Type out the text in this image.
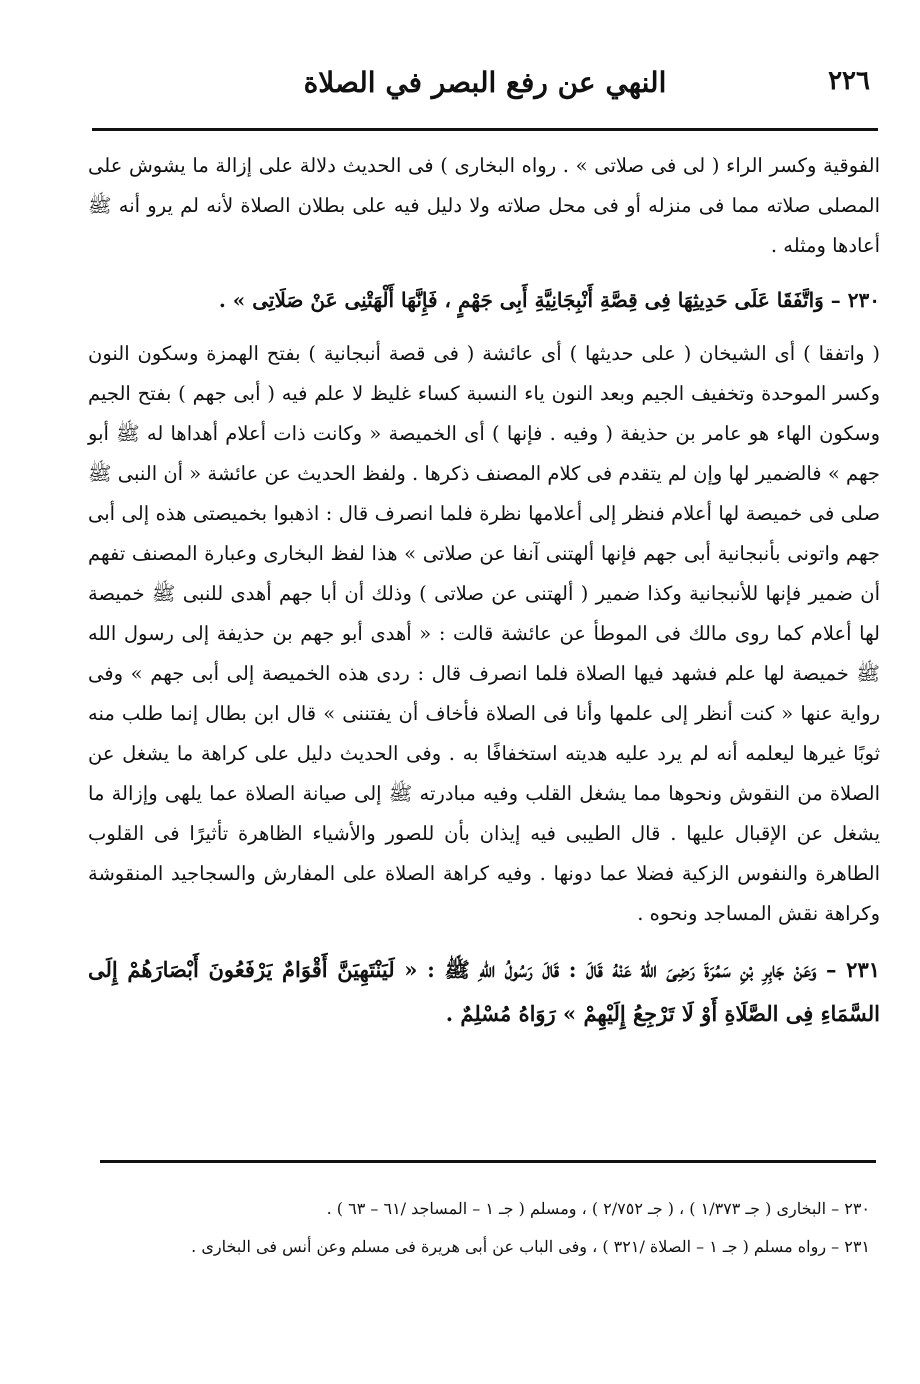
٢٢٦
النهي عن رفع البصر في الصلاة

الفوقية وكسر الراء ( لى فى صلاتى » . رواه البخارى ) فى الحديث دلالة على إزالة ما يشوش على المصلى صلاته مما فى منزله أو فى محل صلاته ولا دليل فيه على بطلان الصلاة لأنه لم يرو أنه ﷺ أعادها ومثله .

٢٣٠ – وَاتَّفَقَا عَلَى حَدِيثِهَا فِى قِصَّةِ أَنْبِجَانِيَّةِ أَبِى جَهْمٍ ، فَإِنَّهَا أَلْهَتْنِى عَنْ صَلَاتِى » .

( واتفقا ) أى الشيخان ( على حديثها ) أى عائشة ( فى قصة أنبجانية ) بفتح الهمزة وسكون النون وكسر الموحدة وتخفيف الجيم وبعد النون ياء النسبة كساء غليظ لا علم فيه ( أبى جهم ) بفتح الجيم وسكون الهاء هو عامر بن حذيفة ( وفيه . فإنها ) أى الخميصة « وكانت ذات أعلام أهداها له ﷺ أبو جهم » فالضمير لها وإن لم يتقدم فى كلام المصنف ذكرها . ولفظ الحديث عن عائشة « أن النبى ﷺ صلى فى خميصة لها أعلام فنظر إلى أعلامها نظرة فلما انصرف قال : اذهبوا بخميصتى هذه إلى أبى جهم واتونى بأنبجانية أبى جهم فإنها ألهتنى آنفا عن صلاتى » هذا لفظ البخارى وعبارة المصنف تفهم أن ضمير فإنها للأنبجانية وكذا ضمير ( ألهتنى عن صلاتى ) وذلك أن أبا جهم أهدى للنبى ﷺ خميصة لها أعلام كما روى مالك فى الموطأ عن عائشة قالت : « أهدى أبو جهم بن حذيفة إلى رسول الله ﷺ خميصة لها علم فشهد فيها الصلاة فلما انصرف قال : ردى هذه الخميصة إلى أبى جهم » وفى رواية عنها « كنت أنظر إلى علمها وأنا فى الصلاة فأخاف أن يفتننى » قال ابن بطال إنما طلب منه ثوبًا غيرها ليعلمه أنه لم يرد عليه هديته استخفافًا به . وفى الحديث دليل على كراهة ما يشغل عن الصلاة من النقوش ونحوها مما يشغل القلب وفيه مبادرته ﷺ إلى صيانة الصلاة عما يلهى وإزالة ما يشغل عن الإقبال عليها . قال الطيبى فيه إيذان بأن للصور والأشياء الظاهرة تأثيرًا فى القلوب الطاهرة والنفوس الزكية فضلا عما دونها . وفيه كراهة الصلاة على المفارش والسجاجيد المنقوشة وكراهة نقش المساجد ونحوه .

٢٣١ – وَعَنْ جَابِرِ بْنِ سَمُرَةَ رَضِىَ اللهُ عَنْهُ قَالَ : قَالَ رَسُولُ اللهِ ﷺ : « لَيَنْتَهِيَنَّ أَقْوَامٌ يَرْفَعُونَ أَبْصَارَهُمْ إِلَى السَّمَاءِ فِى الصَّلَاةِ أَوْ لَا تَرْجِعُ إِلَيْهِمْ » رَوَاهُ مُسْلِمٌ .

٢٣٠ – البخارى ( جـ ١/٣٧٣ ) ، ( جـ ٢/٧٥٢ ) ، ومسلم ( جـ ١ – المساجد /٦١ – ٦٣ ) .

٢٣١ – رواه مسلم ( جـ ١ – الصلاة /٣٢١ ) ، وفى الباب عن أبى هريرة فى مسلم وعن أنس فى البخارى .
